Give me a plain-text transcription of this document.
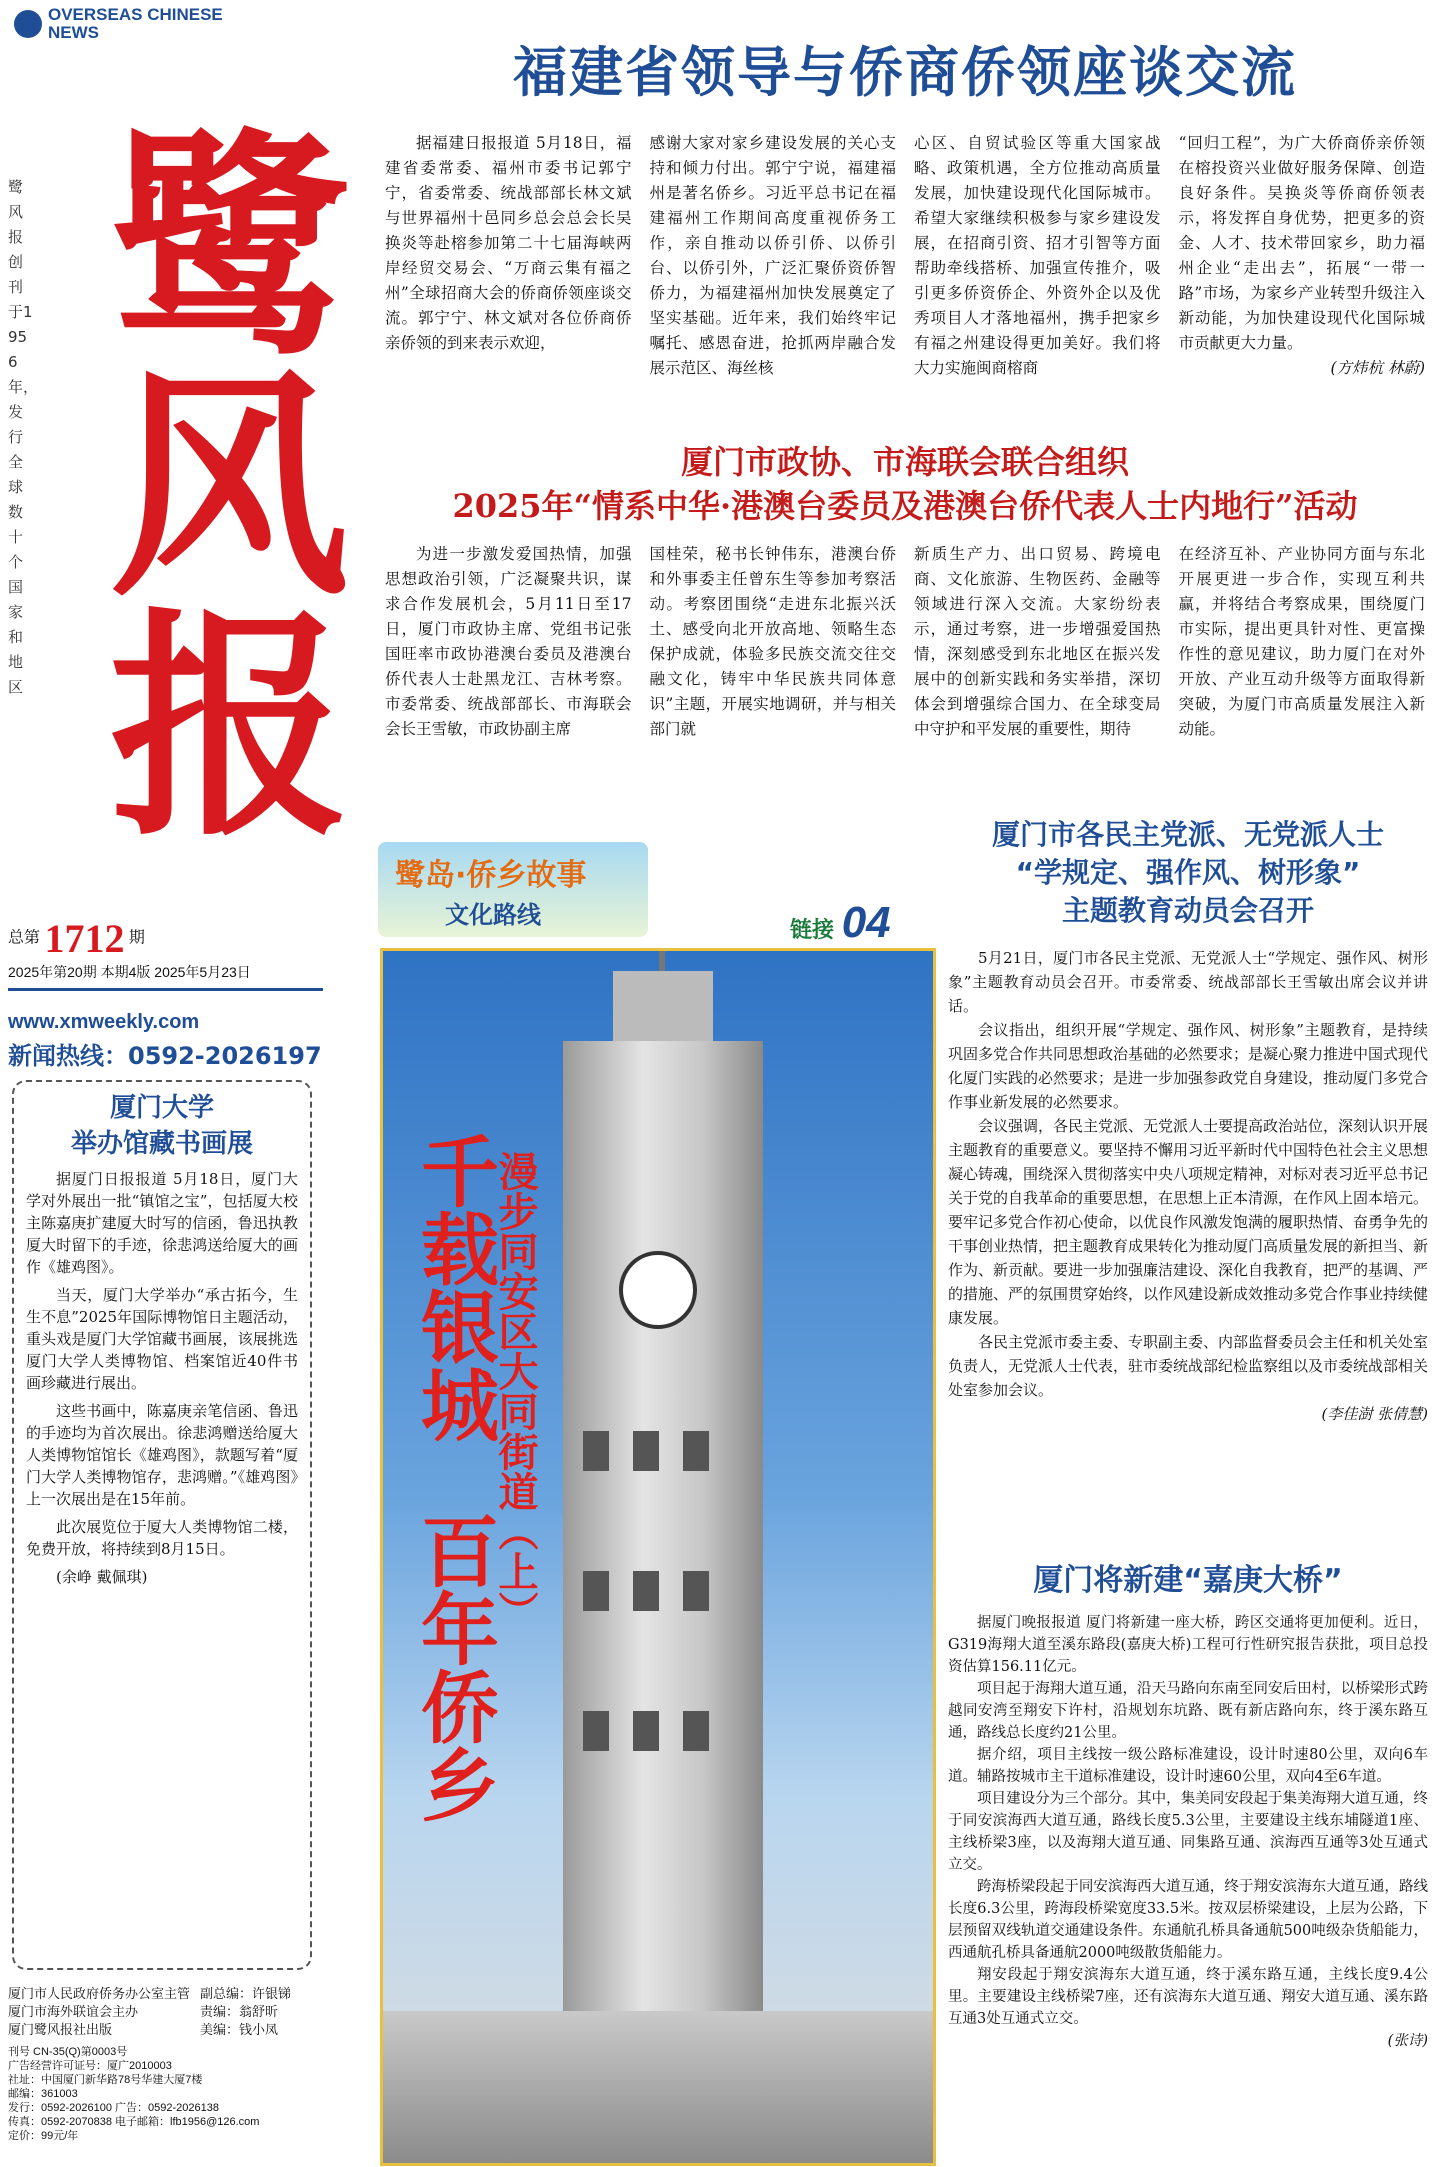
OVERSEAS CHINESE
NEWS
鹭风报创刊于1956年，发行全球数十个国家和地区 鹭风报
总第 1712 期
2025年第20期 本期4版 2025年5月23日
www.xmweekly.com
新闻热线：0592-2026197
厦门大学
举办馆藏书画展

据厦门日报报道 5月18日，厦门大学对外展出一批“镇馆之宝”，包括厦大校主陈嘉庚扩建厦大时写的信函，鲁迅执教厦大时留下的手迹，徐悲鸿送给厦大的画作《雄鸡图》。

当天，厦门大学举办“承古拓今，生生不息”2025年国际博物馆日主题活动，重头戏是厦门大学馆藏书画展，该展挑选厦门大学人类博物馆、档案馆近40件书画珍藏进行展出。

这些书画中，陈嘉庚亲笔信函、鲁迅的手迹均为首次展出。徐悲鸿赠送给厦大人类博物馆馆长《雄鸡图》，款题写着“厦门大学人类博物馆存，悲鸿赠。”《雄鸡图》上一次展出是在15年前。

此次展览位于厦大人类博物馆二楼，免费开放，将持续到8月15日。

(余峥 戴佩琪)

厦门市人民政府侨务办公室主管
厦门市海外联谊会主办
厦门鹭风报社出版
副总编：许银锑
责编：翁舒昕
美编：钱小凤
刊号 CN-35(Q)第0003号
广告经营许可证号：厦广2010003
社址：中国厦门新华路78号华建大厦7楼
邮编：361003
发行：0592-2026100 广告：0592-2026138
传真：0592-2070838 电子邮箱：lfb1956@126.com
定价：99元/年
福建省领导与侨商侨领座谈交流

据福建日报报道 5月18日，福建省委常委、福州市委书记郭宁宁，省委常委、统战部部长林文斌与世界福州十邑同乡总会总会长吴换炎等赴榕参加第二十七届海峡两岸经贸交易会、“万商云集有福之州”全球招商大会的侨商侨领座谈交流。郭宁宁、林文斌对各位侨商侨亲侨领的到来表示欢迎，

感谢大家对家乡建设发展的关心支持和倾力付出。郭宁宁说，福建福州是著名侨乡。习近平总书记在福建福州工作期间高度重视侨务工作，亲自推动以侨引侨、以侨引台、以侨引外，广泛汇聚侨资侨智侨力，为福建福州加快发展奠定了坚实基础。近年来，我们始终牢记嘱托、感恩奋进，抢抓两岸融合发展示范区、海丝核

心区、自贸试验区等重大国家战略、政策机遇，全方位推动高质量发展，加快建设现代化国际城市。希望大家继续积极参与家乡建设发展，在招商引资、招才引智等方面帮助牵线搭桥、加强宣传推介，吸引更多侨资侨企、外资外企以及优秀项目人才落地福州，携手把家乡有福之州建设得更加美好。我们将大力实施闽商榕商

“回归工程”，为广大侨商侨亲侨领在榕投资兴业做好服务保障、创造良好条件。吴换炎等侨商侨领表示，将发挥自身优势，把更多的资金、人才、技术带回家乡，助力福州企业“走出去”，拓展“一带一路”市场，为家乡产业转型升级注入新动能，为加快建设现代化国际城市贡献更大力量。

(方炜杭 林蔚)
厦门市政协、市海联会联合组织
2025年“情系中华·港澳台委员及港澳台侨代表人士内地行”活动

为进一步激发爱国热情，加强思想政治引领，广泛凝聚共识，谋求合作发展机会，5月11日至17日，厦门市政协主席、党组书记张国旺率市政协港澳台委员及港澳台侨代表人士赴黑龙江、吉林考察。市委常委、统战部部长、市海联会会长王雪敏，市政协副主席

国桂荣，秘书长钟伟东，港澳台侨和外事委主任曾东生等参加考察活动。考察团围绕“走进东北振兴沃土、感受向北开放高地、领略生态保护成就，体验多民族交流交往交融文化，铸牢中华民族共同体意识”主题，开展实地调研，并与相关部门就

新质生产力、出口贸易、跨境电商、文化旅游、生物医药、金融等领域进行深入交流。大家纷纷表示，通过考察，进一步增强爱国热情，深刻感受到东北地区在振兴发展中的创新实践和务实举措，深切体会到增强综合国力、在全球变局中守护和平发展的重要性，期待

在经济互补、产业协同方面与东北开展更进一步合作，实现互利共赢，并将结合考察成果，围绕厦门市实际，提出更具针对性、更富操作性的意见建议，助力厦门在对外开放、产业互动升级等方面取得新突破，为厦门市高质量发展注入新动能。

鹭岛·侨乡故事
文化路线
链接 04
千载银城
漫步同安区大同街道（上）
百年侨乡
厦门市各民主党派、无党派人士
“学规定、强作风、树形象”
主题教育动员会召开

5月21日，厦门市各民主党派、无党派人士“学规定、强作风、树形象”主题教育动员会召开。市委常委、统战部部长王雪敏出席会议并讲话。

会议指出，组织开展“学规定、强作风、树形象”主题教育，是持续巩固多党合作共同思想政治基础的必然要求；是凝心聚力推进中国式现代化厦门实践的必然要求；是进一步加强参政党自身建设，推动厦门多党合作事业新发展的必然要求。

会议强调，各民主党派、无党派人士要提高政治站位，深刻认识开展主题教育的重要意义。要坚持不懈用习近平新时代中国特色社会主义思想凝心铸魂，围绕深入贯彻落实中央八项规定精神，对标对表习近平总书记关于党的自我革命的重要思想，在思想上正本清源，在作风上固本培元。要牢记多党合作初心使命，以优良作风激发饱满的履职热情、奋勇争先的干事创业热情，把主题教育成果转化为推动厦门高质量发展的新担当、新作为、新贡献。要进一步加强廉洁建设、深化自我教育，把严的基调、严的措施、严的氛围贯穿始终，以作风建设新成效推动多党合作事业持续健康发展。

各民主党派市委主委、专职副主委、内部监督委员会主任和机关处室负责人，无党派人士代表，驻市委统战部纪检监察组以及市委统战部相关处室参加会议。

(李佳澍 张倩慧)
厦门将新建“嘉庚大桥”

据厦门晚报报道 厦门将新建一座大桥，跨区交通将更加便利。近日，G319海翔大道至溪东路段(嘉庚大桥)工程可行性研究报告获批，项目总投资估算156.11亿元。

项目起于海翔大道互通，沿天马路向东南至同安后田村，以桥梁形式跨越同安湾至翔安下许村，沿规划东坑路、既有新店路向东，终于溪东路互通，路线总长度约21公里。

据介绍，项目主线按一级公路标准建设，设计时速80公里，双向6车道。辅路按城市主干道标准建设，设计时速60公里，双向4至6车道。

项目建设分为三个部分。其中，集美同安段起于集美海翔大道互通，终于同安滨海西大道互通，路线长度5.3公里，主要建设主线东埔隧道1座、主线桥梁3座，以及海翔大道互通、同集路互通、滨海西互通等3处互通式立交。

跨海桥梁段起于同安滨海西大道互通，终于翔安滨海东大道互通，路线长度6.3公里，跨海段桥梁宽度33.5米。按双层桥梁建设，上层为公路，下层预留双线轨道交通建设条件。东通航孔桥具备通航500吨级杂货船能力，西通航孔桥具备通航2000吨级散货船能力。

翔安段起于翔安滨海东大道互通，终于溪东路互通，主线长度9.4公里。主要建设主线桥梁7座，还有滨海东大道互通、翔安大道互通、溪东路互通3处互通式立交。

(张诗)
